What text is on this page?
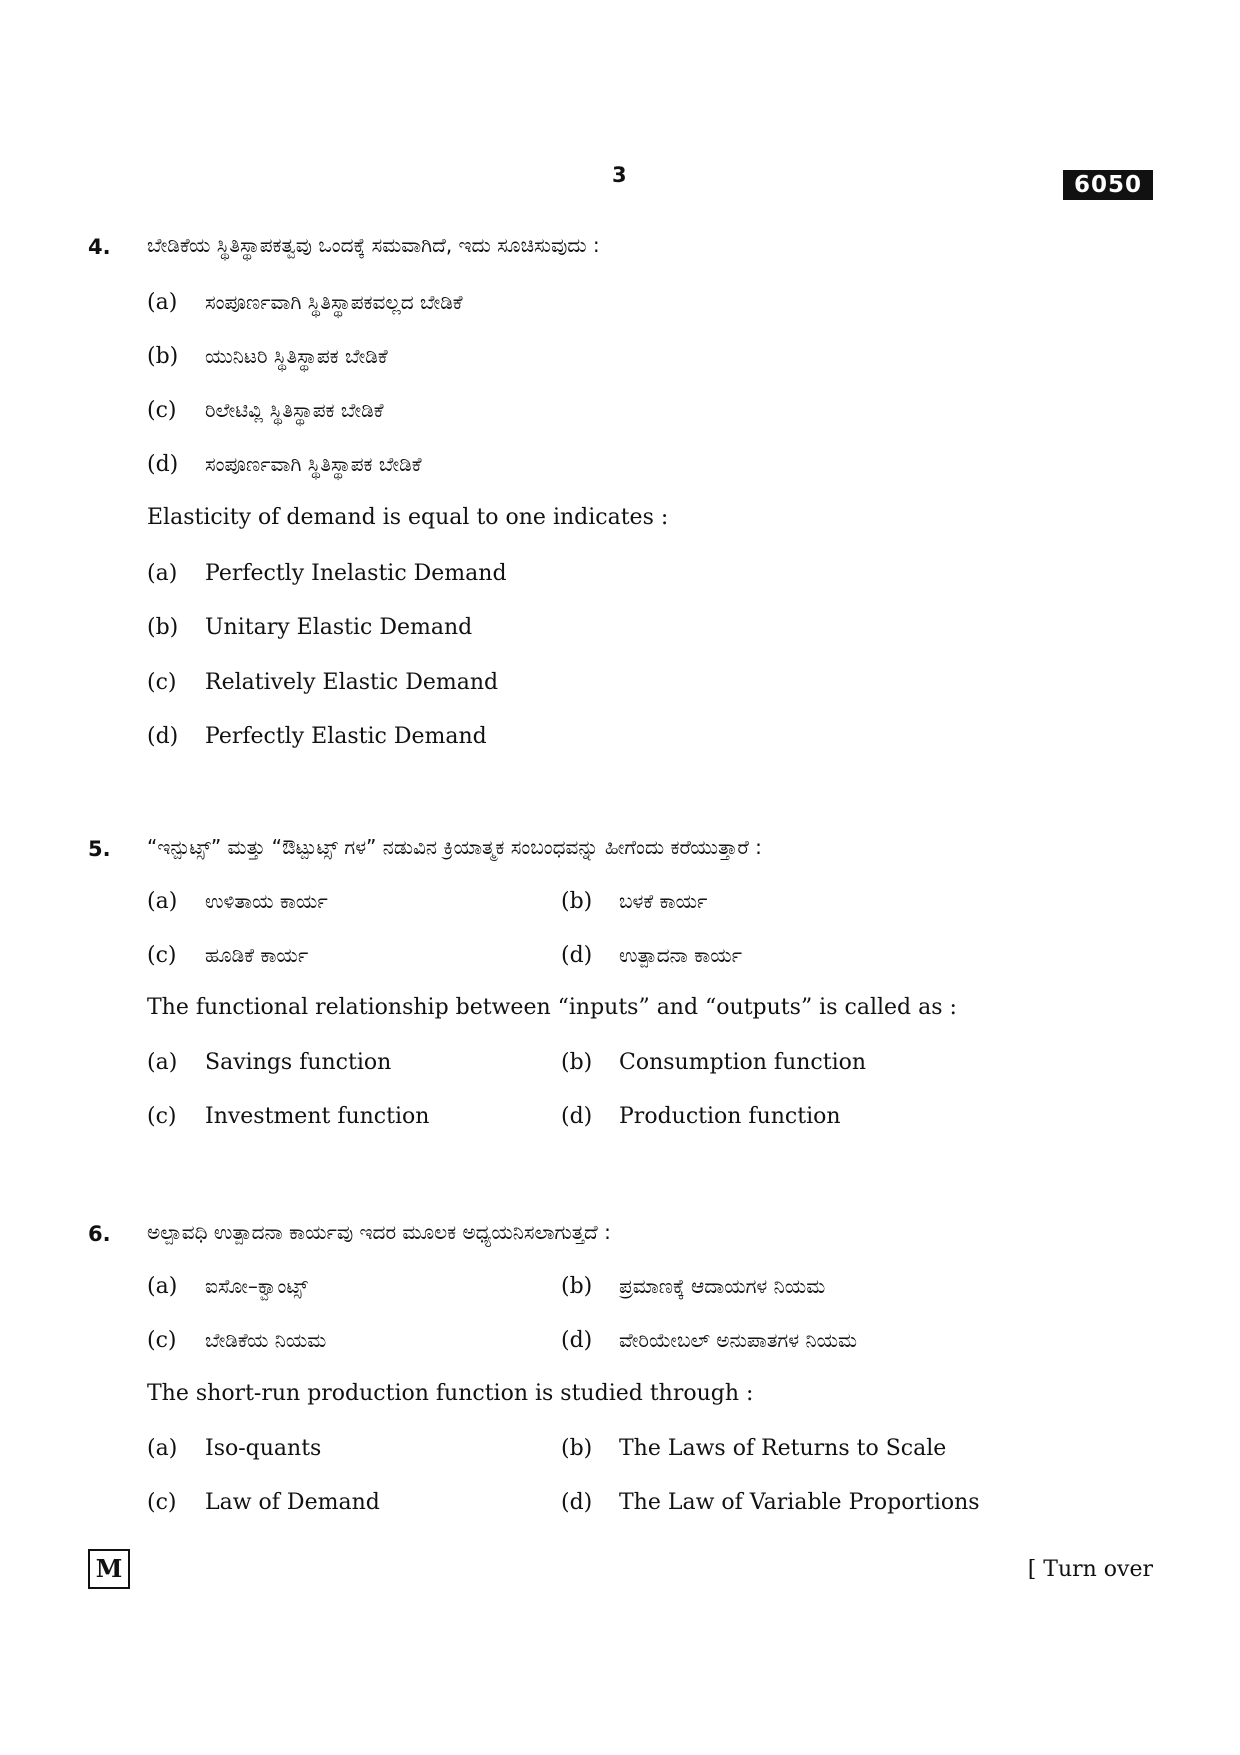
3	6050
4. ಬೇಡಿಕೆಯ ಸ್ಥಿತಿಸ್ಥಾಪಕತ್ವವು ಒಂದಕ್ಕೆ ಸಮವಾಗಿದೆ, ಇದು ಸೂಚಿಸುವುದು :
(a) ಸಂಪೂರ್ಣವಾಗಿ ಸ್ಥಿತಿಸ್ಥಾಪಕವಲ್ಲದ ಬೇಡಿಕೆ
(b) ಯುನಿಟರಿ ಸ್ಥಿತಿಸ್ಥಾಪಕ ಬೇಡಿಕೆ
(c) ರಿಲೇಟಿವ್ಲಿ ಸ್ಥಿತಿಸ್ಥಾಪಕ ಬೇಡಿಕೆ
(d) ಸಂಪೂರ್ಣವಾಗಿ ಸ್ಥಿತಿಸ್ಥಾಪಕ ಬೇಡಿಕೆ
Elasticity of demand is equal to one indicates :
(a) Perfectly Inelastic Demand
(b) Unitary Elastic Demand
(c) Relatively Elastic Demand
(d) Perfectly Elastic Demand
5. “ಇನ್ಪುಟ್ಸ್” ಮತ್ತು “ಔಟ್ಪುಟ್ಸ್ ಗಳ” ನಡುವಿನ ಕ್ರಿಯಾತ್ಮಕ ಸಂಬಂಧವನ್ನು ಹೀಗೆಂದು ಕರೆಯುತ್ತಾರೆ :
(a) ಉಳಿತಾಯ ಕಾರ್ಯ	(b) ಬಳಕೆ ಕಾರ್ಯ
(c) ಹೂಡಿಕೆ ಕಾರ್ಯ	(d) ಉತ್ಪಾದನಾ ಕಾರ್ಯ
The functional relationship between “inputs” and “outputs” is called as :
(a) Savings function	(b) Consumption function
(c) Investment function	(d) Production function
6. ಅಲ್ಪಾವಧಿ ಉತ್ಪಾದನಾ ಕಾರ್ಯವು ಇದರ ಮೂಲಕ ಅಧ್ಯಯನಿಸಲಾಗುತ್ತದೆ :
(a) ಐಸೋ–ಕ್ವಾಂಟ್ಸ್	(b) ಪ್ರಮಾಣಕ್ಕೆ ಆದಾಯಗಳ ನಿಯಮ
(c) ಬೇಡಿಕೆಯ ನಿಯಮ	(d) ವೇರಿಯೇಬಲ್ ಅನುಪಾತಗಳ ನಿಯಮ
The short-run production function is studied through :
(a) Iso-quants	(b) The Laws of Returns to Scale
(c) Law of Demand	(d) The Law of Variable Proportions
M	[ Turn over
